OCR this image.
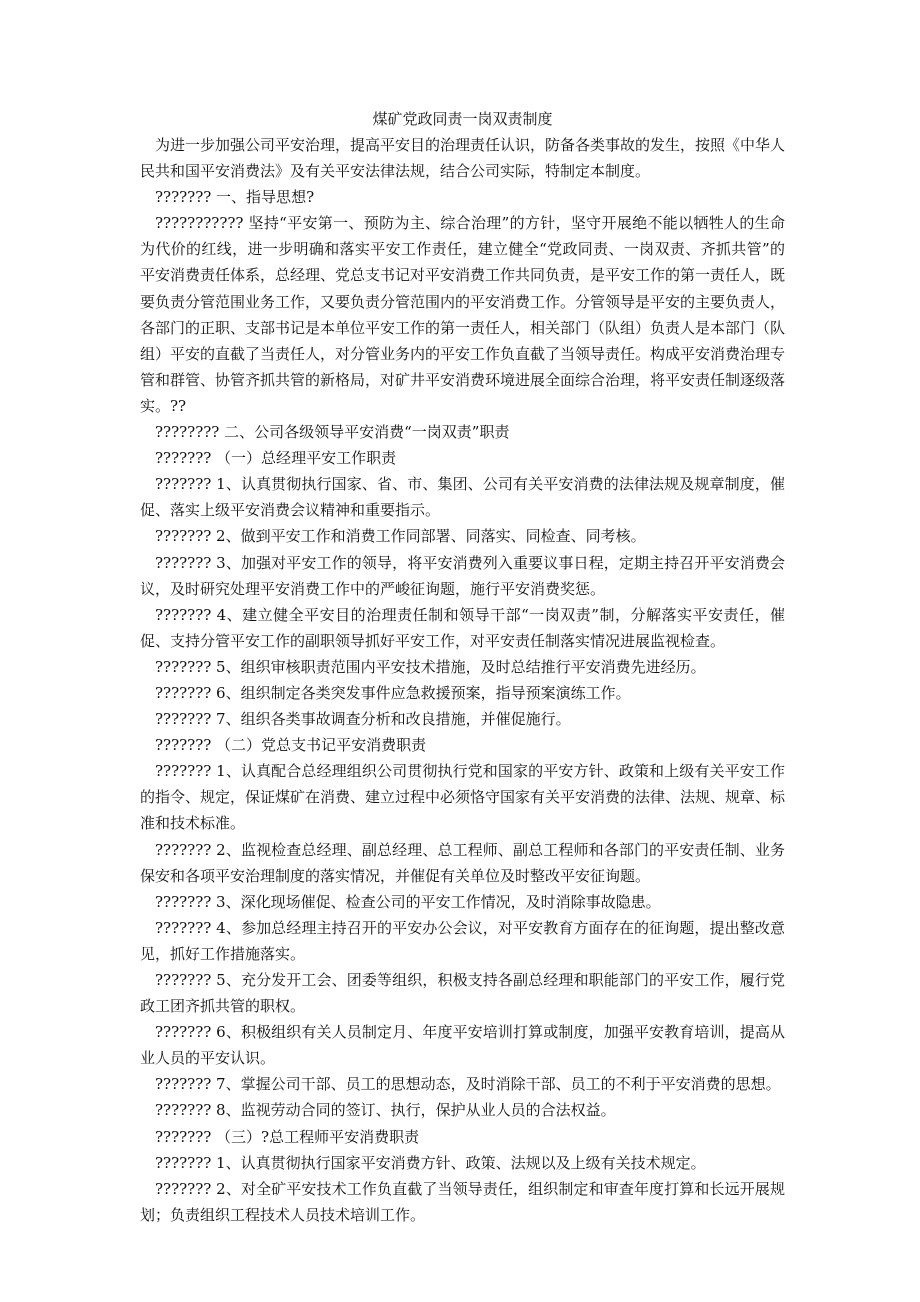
煤矿党政同责一岗双责制度

为进一步加强公司平安治理，提高平安目的治理责任认识，防备各类事故的发生，按照《中华人民共和国平安消费法》及有关平安法律法规，结合公司实际，特制定本制度。

??????? 一、指导思想?

??????????? 坚持“平安第一、预防为主、综合治理”的方针，坚守开展绝不能以牺牲人的生命为代价的红线，进一步明确和落实平安工作责任，建立健全“党政同责、一岗双责、齐抓共管”的平安消费责任体系，总经理、党总支书记对平安消费工作共同负责，是平安工作的第一责任人，既要负责分管范围业务工作，又要负责分管范围内的平安消费工作。分管领导是平安的主要负责人，各部门的正职、支部书记是本单位平安工作的第一责任人，相关部门（队组）负责人是本部门（队组）平安的直截了当责任人，对分管业务内的平安工作负直截了当领导责任。构成平安消费治理专管和群管、协管齐抓共管的新格局，对矿井平安消费环境进展全面综合治理，将平安责任制逐级落实。??

???????? 二、公司各级领导平安消费“一岗双责”职责

??????? （一）总经理平安工作职责

??????? 1、认真贯彻执行国家、省、市、集团、公司有关平安消费的法律法规及规章制度，催促、落实上级平安消费会议精神和重要指示。

??????? 2、做到平安工作和消费工作同部署、同落实、同检查、同考核。

??????? 3、加强对平安工作的领导，将平安消费列入重要议事日程，定期主持召开平安消费会议，及时研究处理平安消费工作中的严峻征询题，施行平安消费奖惩。

??????? 4、建立健全平安目的治理责任制和领导干部“一岗双责”制，分解落实平安责任，催促、支持分管平安工作的副职领导抓好平安工作，对平安责任制落实情况进展监视检查。

??????? 5、组织审核职责范围内平安技术措施，及时总结推行平安消费先进经历。

??????? 6、组织制定各类突发事件应急救援预案，指导预案演练工作。

??????? 7、组织各类事故调查分析和改良措施，并催促施行。

??????? （二）党总支书记平安消费职责

??????? 1、认真配合总经理组织公司贯彻执行党和国家的平安方针、政策和上级有关平安工作的指令、规定，保证煤矿在消费、建立过程中必须恪守国家有关平安消费的法律、法规、规章、标准和技术标准。

??????? 2、监视检查总经理、副总经理、总工程师、副总工程师和各部门的平安责任制、业务保安和各项平安治理制度的落实情况，并催促有关单位及时整改平安征询题。

??????? 3、深化现场催促、检查公司的平安工作情况，及时消除事故隐患。

??????? 4、参加总经理主持召开的平安办公会议，对平安教育方面存在的征询题，提出整改意见，抓好工作措施落实。

??????? 5、充分发开工会、团委等组织，积极支持各副总经理和职能部门的平安工作，履行党政工团齐抓共管的职权。

??????? 6、积极组织有关人员制定月、年度平安培训打算或制度，加强平安教育培训，提高从业人员的平安认识。

??????? 7、掌握公司干部、员工的思想动态，及时消除干部、员工的不利于平安消费的思想。

??????? 8、监视劳动合同的签订、执行，保护从业人员的合法权益。

??????? （三）?总工程师平安消费职责

??????? 1、认真贯彻执行国家平安消费方针、政策、法规以及上级有关技术规定。

??????? 2、对全矿平安技术工作负直截了当领导责任，组织制定和审查年度打算和长远开展规划；负责组织工程技术人员技术培训工作。
